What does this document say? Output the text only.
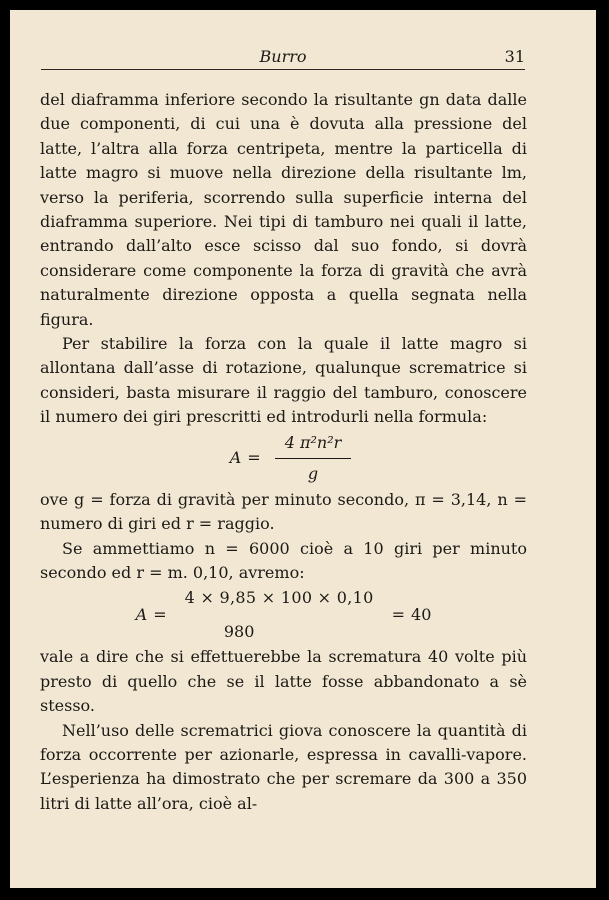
Burro	31

del diaframma inferiore secondo la risultante gn data dalle due componenti, di cui una è dovuta alla pressione del latte, l’altra alla forza centripeta, mentre la particella di latte magro si muove nella direzione della risultante lm, verso la periferia, scorrendo sulla superficie interna del diaframma superiore. Nei tipi di tamburo nei quali il latte, entrando dall’alto esce scisso dal suo fondo, si dovrà considerare come componente la forza di gravità che avrà naturalmente direzione opposta a quella segnata nella figura.

Per stabilire la forza con la quale il latte magro si allontana dall’asse di rotazione, qualunque scrematrice si consideri, basta misurare il raggio del tamburo, conoscere il numero dei giri prescritti ed introdurli nella formula:

$A = \frac{\text{4 π²n²r}}{g}$

ove g = forza di gravità per minuto secondo, π = 3,14, n = numero di giri ed r = raggio.

Se ammettiamo n = 6000 cioè a 10 giri per minuto secondo ed r = m. 0,10, avremo:

A =
4 × 9,85 × 100 × 0,10
980
= 40

vale a dire che si effettuerebbe la scrematura 40 volte più presto di quello che se il latte fosse abbandonato a sè stesso.

Nell’uso delle scrematrici giova conoscere la quantità di forza occorrente per azionarle, espressa in cavalli-vapore. L’esperienza ha dimostrato che per scremare da 300 a 350 litri di latte all’ora, cioè al-
